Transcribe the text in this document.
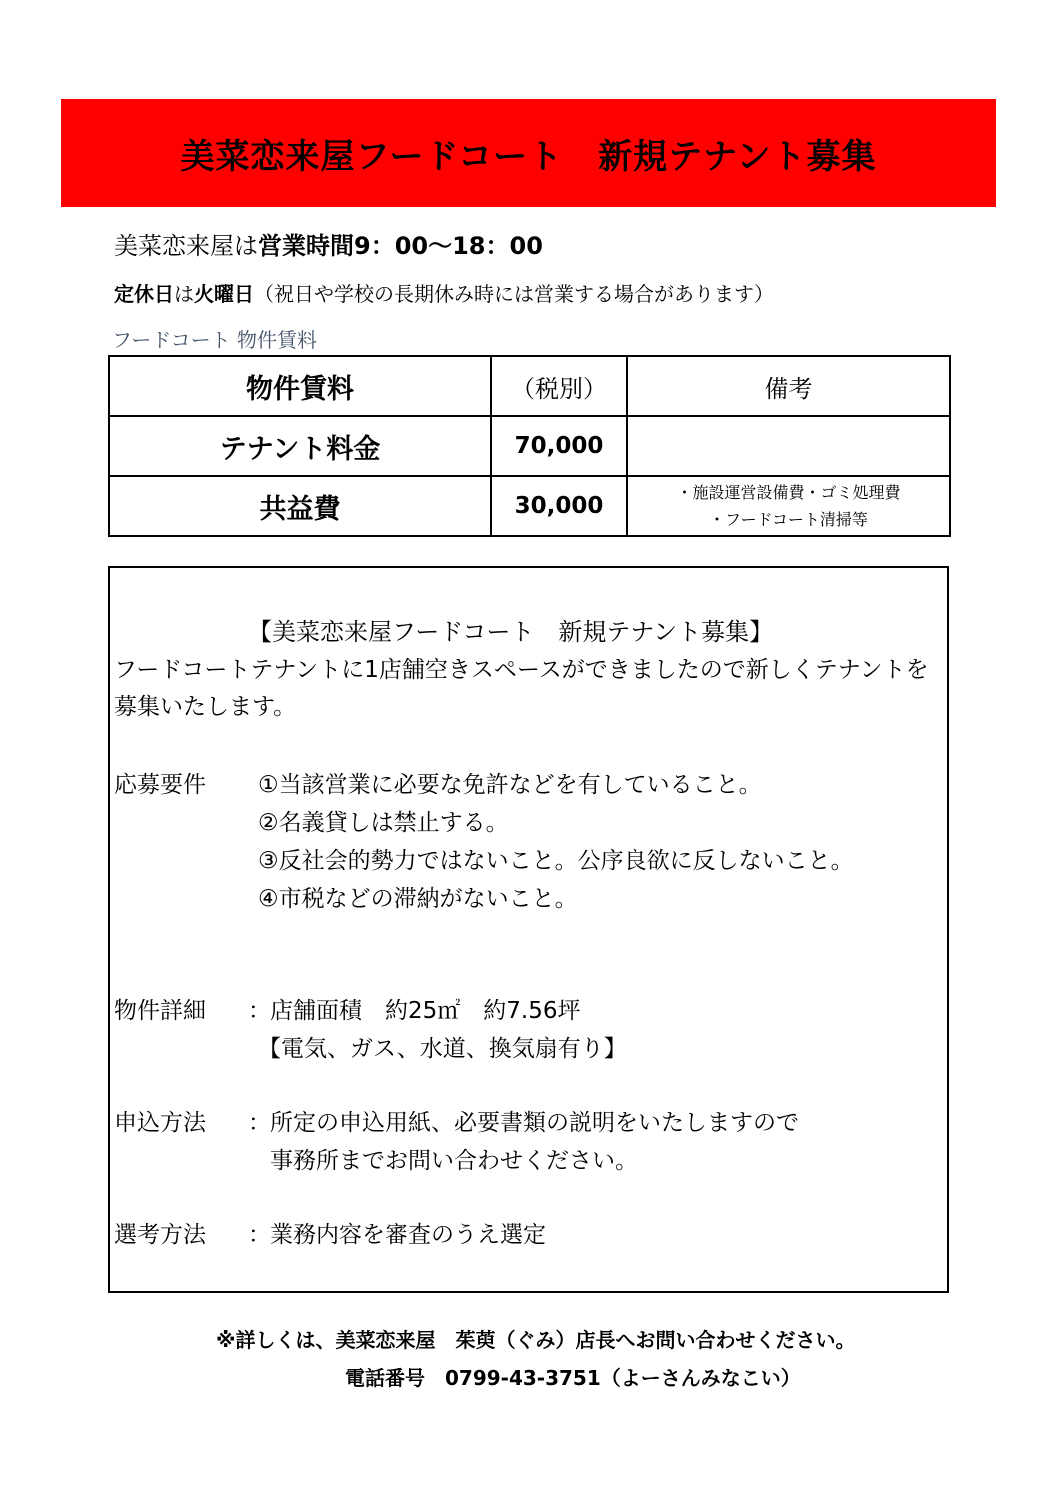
美菜恋来屋フードコート　新規テナント募集
美菜恋来屋は営業時間9：00～18：00
定休日は火曜日（祝日や学校の長期休み時には営業する場合があります）
フードコート 物件賃料
物件賃料	（税別）	備考
テナント料金	70,000	
共益費	30,000	・施設運営設備費・ゴミ処理費
・フードコート清掃等
【美菜恋来屋フードコート　新規テナント募集】
フードコートテナントに1店舗空きスペースができましたので新しくテナントを募集いたします。
応募要件 ①当該営業に必要な免許などを有していること。
②名義貸しは禁止する。
③反社会的勢力ではないこと。公序良欲に反しないこと。
④市税などの滞納がないこと。
物件詳細 ： 店舗面積　約25㎡　約7.56坪
【電気、ガス、水道、換気扇有り】
申込方法 ： 所定の申込用紙、必要書類の説明をいたしますので
事務所までお問い合わせください。
選考方法 ： 業務内容を審査のうえ選定
※詳しくは、美菜恋来屋　茱萸（ぐみ）店長へお問い合わせください。
電話番号　0799-43-3751（よーさんみなこい）
